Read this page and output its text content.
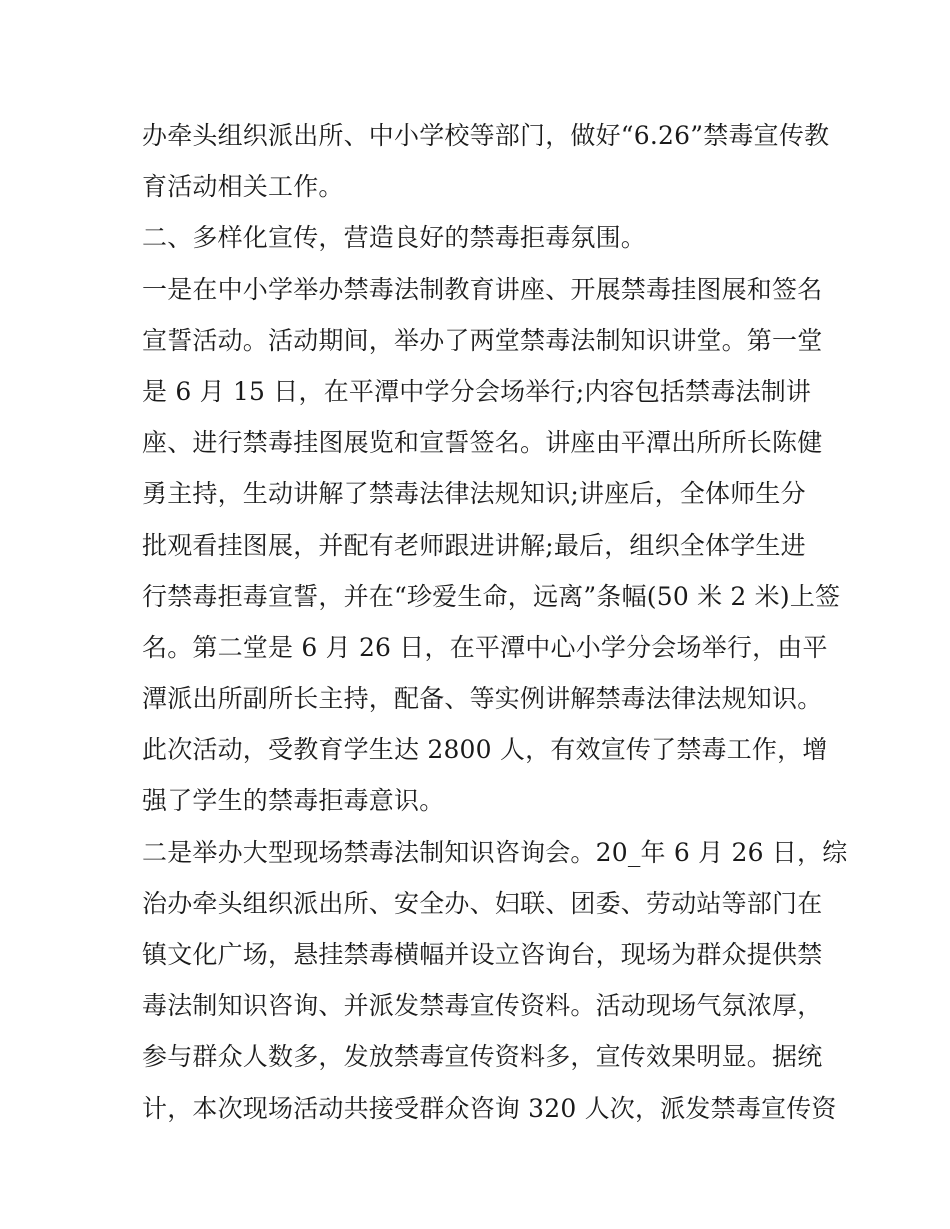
办牵头组织派出所、中小学校等部门，做好“6.26”禁毒宣传教
育活动相关工作。
二、多样化宣传，营造良好的禁毒拒毒氛围。
一是在中小学举办禁毒法制教育讲座、开展禁毒挂图展和签名
宣誓活动。活动期间，举办了两堂禁毒法制知识讲堂。第一堂
是 6 月 15 日，在平潭中学分会场举行;内容包括禁毒法制讲
座、进行禁毒挂图展览和宣誓签名。讲座由平潭出所所长陈健
勇主持，生动讲解了禁毒法律法规知识;讲座后，全体师生分
批观看挂图展，并配有老师跟进讲解;最后，组织全体学生进
行禁毒拒毒宣誓，并在“珍爱生命，远离”条幅(50 米 2 米)上签
名。第二堂是 6 月 26 日，在平潭中心小学分会场举行，由平
潭派出所副所长主持，配备、等实例讲解禁毒法律法规知识。
此次活动，受教育学生达 2800 人，有效宣传了禁毒工作，增
强了学生的禁毒拒毒意识。
二是举办大型现场禁毒法制知识咨询会。20_年 6 月 26 日，综
治办牵头组织派出所、安全办、妇联、团委、劳动站等部门在
镇文化广场，悬挂禁毒横幅并设立咨询台，现场为群众提供禁
毒法制知识咨询、并派发禁毒宣传资料。活动现场气氛浓厚，
参与群众人数多，发放禁毒宣传资料多，宣传效果明显。据统
计，本次现场活动共接受群众咨询 320 人次，派发禁毒宣传资
